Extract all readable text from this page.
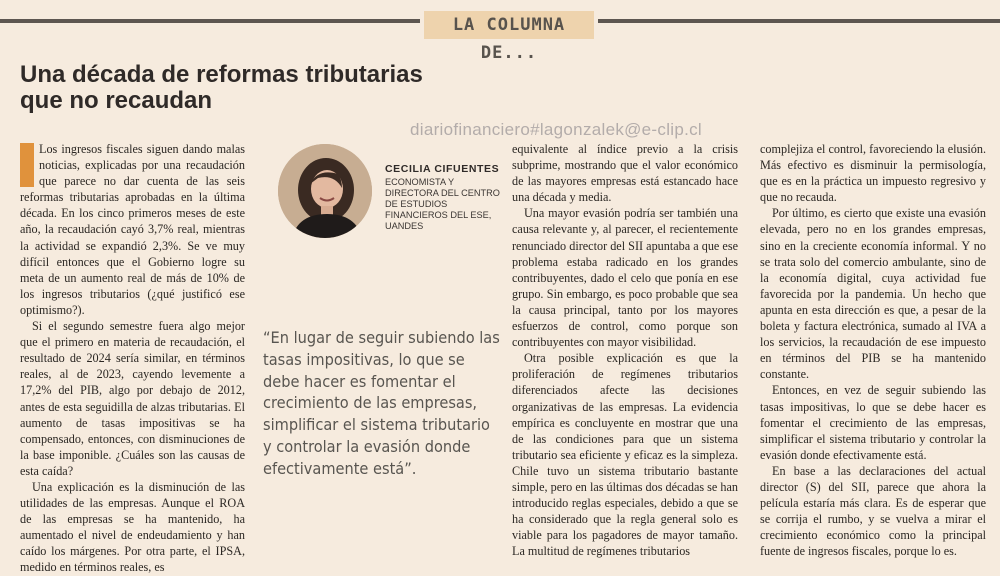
LA COLUMNA DE...
Una década de reformas tributarias que no recaudan
diariofinanciero#lagonzalek@e-clip.cl
CECILIA CIFUENTES
ECONOMISTA Y DIRECTORA DEL CENTRO DE ESTUDIOS FINANCIEROS DEL ESE, UANDES

“En lugar de seguir subiendo las tasas impositivas, lo que se debe hacer es fomentar el crecimiento de las empresas, simplificar el sistema tributario y controlar la evasión donde efectivamente está”.

Los ingresos fiscales siguen dando malas noticias, explicadas por una recaudación que parece no dar cuenta de las seis reformas tributarias aprobadas en la última década. En los cinco primeros meses de este año, la recaudación cayó 3,7% real, mientras la actividad se expandió 2,3%. Se ve muy difícil entonces que el Gobierno logre su meta de un aumento real de más de 10% de los ingresos tributarios (¿qué justificó ese optimismo?).

Si el segundo semestre fuera algo mejor que el primero en materia de recaudación, el resultado de 2024 sería similar, en términos reales, al de 2023, cayendo levemente a 17,2% del PIB, algo por debajo de 2012, antes de esta seguidilla de alzas tributarias. El aumento de tasas impositivas se ha compensado, entonces, con disminuciones de la base imponible. ¿Cuáles son las causas de esta caída?

Una explicación es la disminución de las utilidades de las empresas. Aunque el ROA de las empresas se ha mantenido, ha aumentado el nivel de endeudamiento y han caído los márgenes. Por otra parte, el IPSA, medido en términos reales, es

equivalente al índice previo a la crisis subprime, mostrando que el valor económico de las mayores empresas está estancado hace una década y media.

Una mayor evasión podría ser también una causa relevante y, al parecer, el recientemente renunciado director del SII apuntaba a que ese problema estaba radicado en los grandes contribuyentes, dado el celo que ponía en ese grupo. Sin embargo, es poco probable que sea la causa principal, tanto por los mayores esfuerzos de control, como porque son contribuyentes con mayor visibilidad.

Otra posible explicación es que la proliferación de regímenes tributarios diferenciados afecte las decisiones organizativas de las empresas. La evidencia empírica es concluyente en mostrar que una de las condiciones para que un sistema tributario sea eficiente y eficaz es la simpleza. Chile tuvo un sistema tributario bastante simple, pero en las últimas dos décadas se han introducido reglas especiales, debido a que se ha considerado que la regla general solo es viable para los pagadores de mayor tamaño. La multitud de regímenes tributarios

complejiza el control, favoreciendo la elusión. Más efectivo es disminuir la permisología, que es en la práctica un impuesto regresivo y que no recauda.

Por último, es cierto que existe una evasión elevada, pero no en los grandes empresas, sino en la creciente economía informal. Y no se trata solo del comercio ambulante, sino de la economía digital, cuya actividad fue favorecida por la pandemia. Un hecho que apunta en esta dirección es que, a pesar de la boleta y factura electrónica, sumado al IVA a los servicios, la recaudación de ese impuesto en términos del PIB se ha mantenido constante.

Entonces, en vez de seguir subiendo las tasas impositivas, lo que se debe hacer es fomentar el crecimiento de las empresas, simplificar el sistema tributario y controlar la evasión donde efectivamente está.

En base a las declaraciones del actual director (S) del SII, parece que ahora la película estaría más clara. Es de esperar que se corrija el rumbo, y se vuelva a mirar el crecimiento económico como la principal fuente de ingresos fiscales, porque lo es.
